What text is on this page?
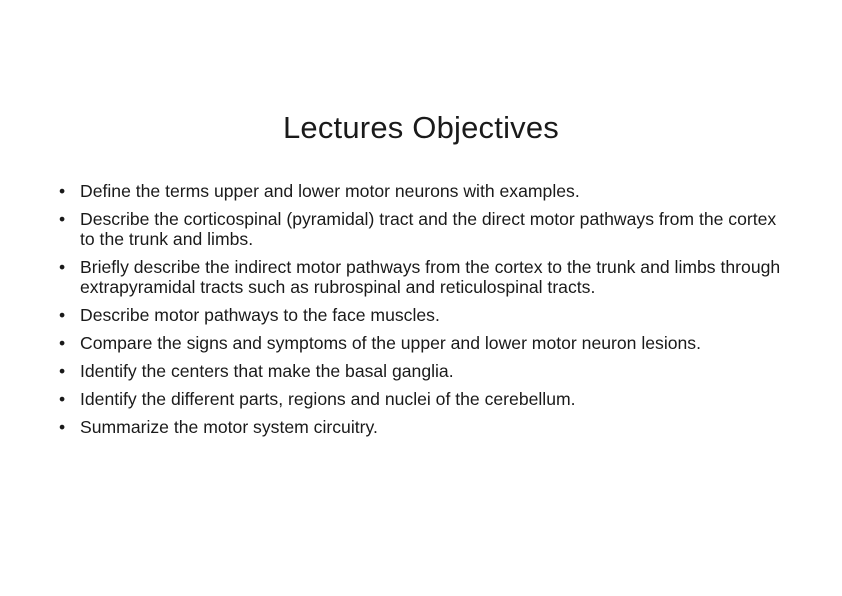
Lectures Objectives
• Define the terms upper and lower motor neurons with examples.
• Describe the corticospinal (pyramidal) tract and the direct motor pathways from the cortex to the trunk and limbs.
• Briefly describe the indirect motor pathways from the cortex to the trunk and limbs through extrapyramidal tracts such as rubrospinal and reticulospinal tracts.
• Describe motor pathways to the face muscles.
• Compare the signs and symptoms of the upper and lower motor neuron lesions.
• Identify the centers that make the basal ganglia.
• Identify the different parts, regions and nuclei of the cerebellum.
• Summarize the motor system circuitry.
